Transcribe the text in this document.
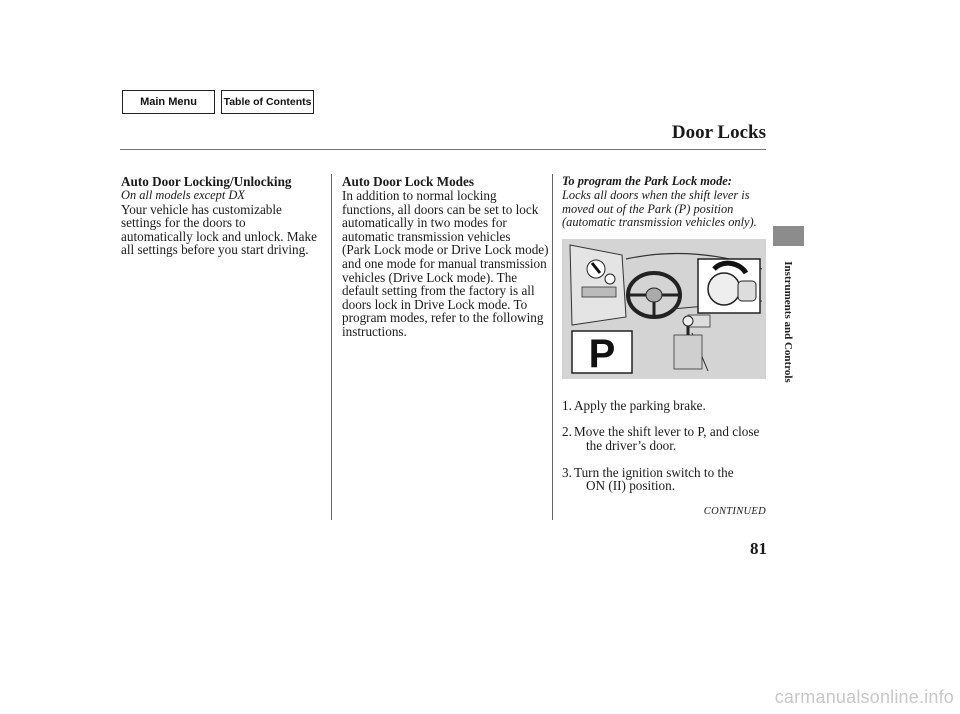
Main Menu	Table of Contents
Door Locks

Auto Door Locking/Unlocking

On all models except DX

Your vehicle has customizable
settings for the doors to
automatically lock and unlock. Make
all settings before you start driving.

Auto Door Lock Modes

In addition to normal locking
functions, all doors can be set to lock
automatically in two modes for
automatic transmission vehicles
(Park Lock mode or Drive Lock mode)
and one mode for manual transmission
vehicles (Drive Lock mode). The
default setting from the factory is all
doors lock in Drive Lock mode. To
program modes, refer to the following
instructions.

To program the Park Lock mode:

Locks all doors when the shift lever is
moved out of the Park (P) position
(automatic transmission vehicles only).
P
1. Apply the parking brake.
2. Move the shift lever to P, and close
the driver’s door.
3. Turn the ignition switch to the
ON (II) position.
CONTINUED
81
Instruments and Controls
carmanualsonline.info
